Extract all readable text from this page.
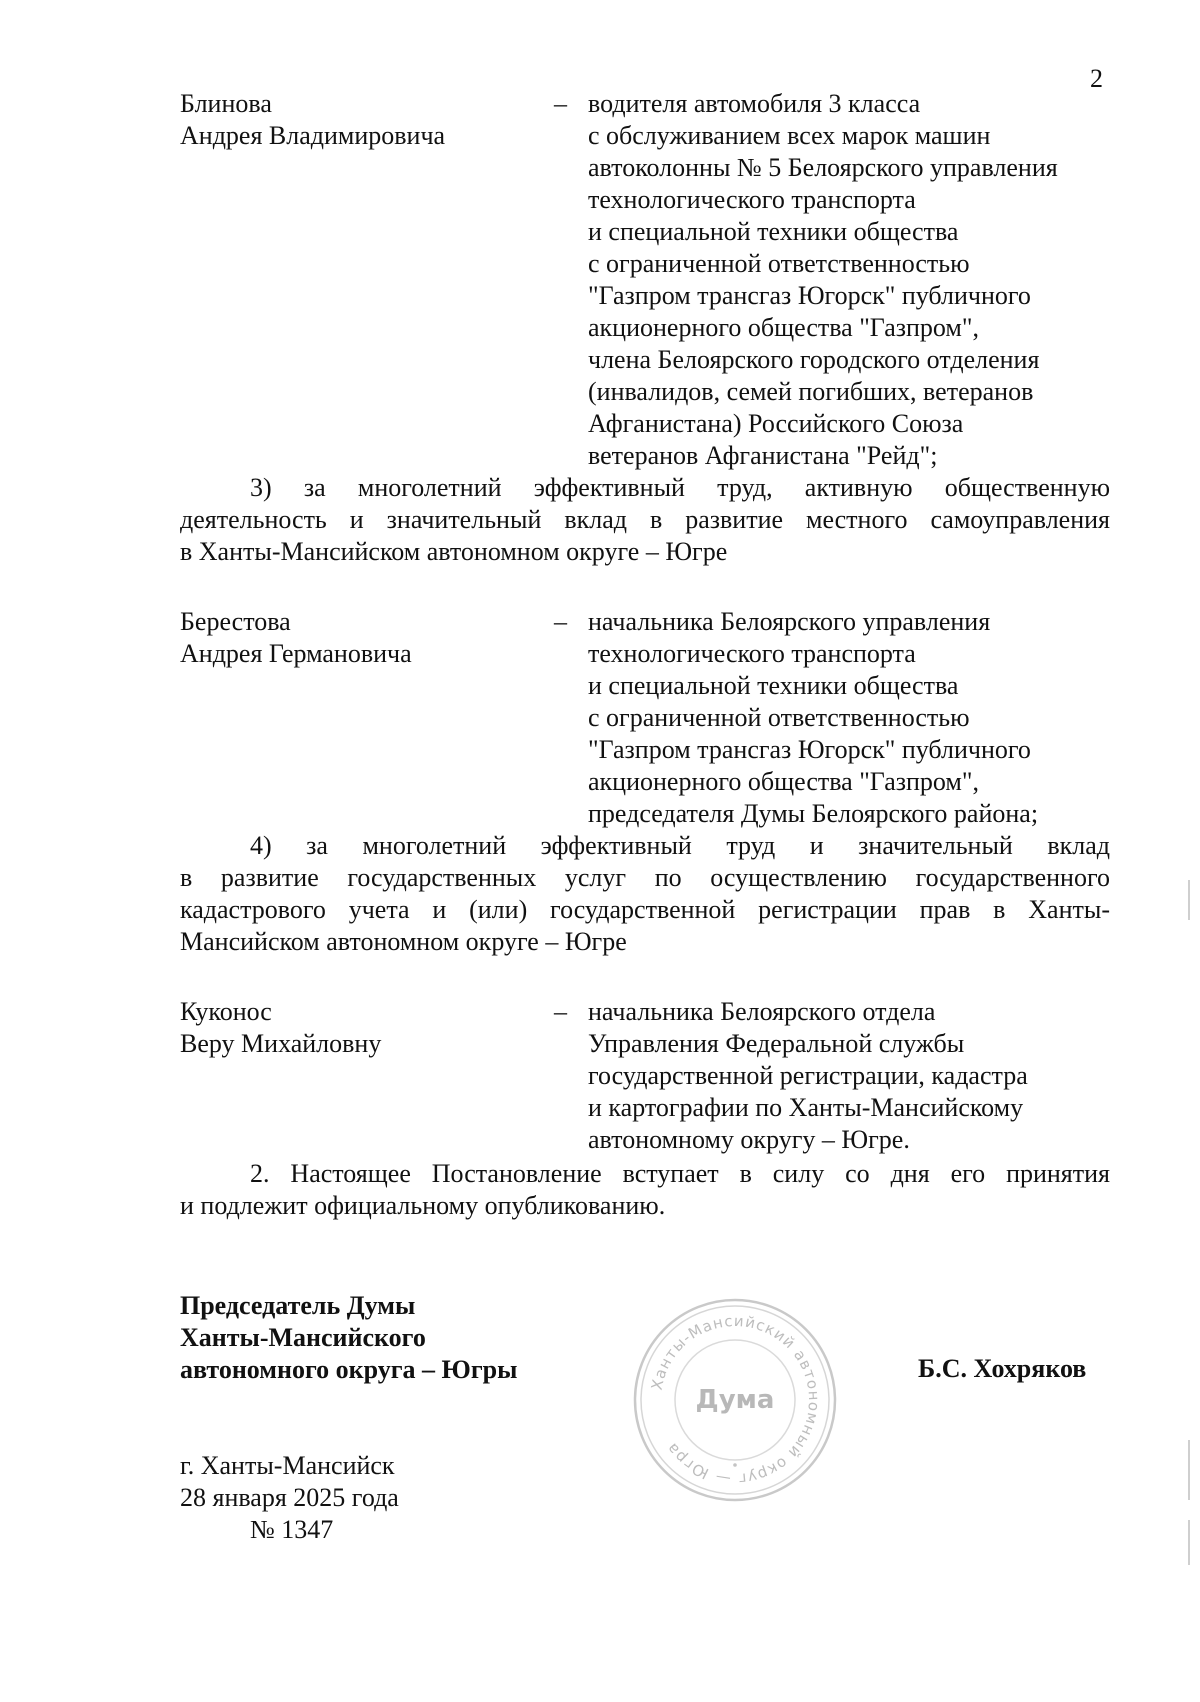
2
Блинова
Андрея Владимировича
– водителя автомобиля 3 класса
с обслуживанием всех марок машин
автоколонны № 5 Белоярского управления
технологического транспорта
и специальной техники общества
с ограниченной ответственностью
"Газпром трансгаз Югорск" публичного
акционерного общества "Газпром",
члена Белоярского городского отделения
(инвалидов, семей погибших, ветеранов
Афганистана) Российского Союза
ветеранов Афганистана "Рейд";
3) за многолетний эффективный труд, активную общественную
деятельность и значительный вклад в развитие местного самоуправления
в Ханты-Мансийском автономном округе – Югре
Берестова
Андрея Германовича
– начальника Белоярского управления
технологического транспорта
и специальной техники общества
с ограниченной ответственностью
"Газпром трансгаз Югорск" публичного
акционерного общества "Газпром",
председателя Думы Белоярского района;
4) за многолетний эффективный труд и значительный вклад
в развитие государственных услуг по осуществлению государственного
кадастрового учета и (или) государственной регистрации прав в Ханты-
Мансийском автономном округе – Югре
Куконос
Веру Михайловну
– начальника Белоярского отдела
Управления Федеральной службы
государственной регистрации, кадастра
и картографии по Ханты-Мансийскому
автономному округу – Югре.
2. Настоящее Постановление вступает в силу со дня его принятия
и подлежит официальному опубликованию.
Председатель Думы
Ханты-Мансийского
автономного округа – Югры
Ханты-Мансийский автономный округ — Югра
Дума
Б.С. Хохряков
г. Ханты-Мансийск
28 января 2025 года
№ 1347
